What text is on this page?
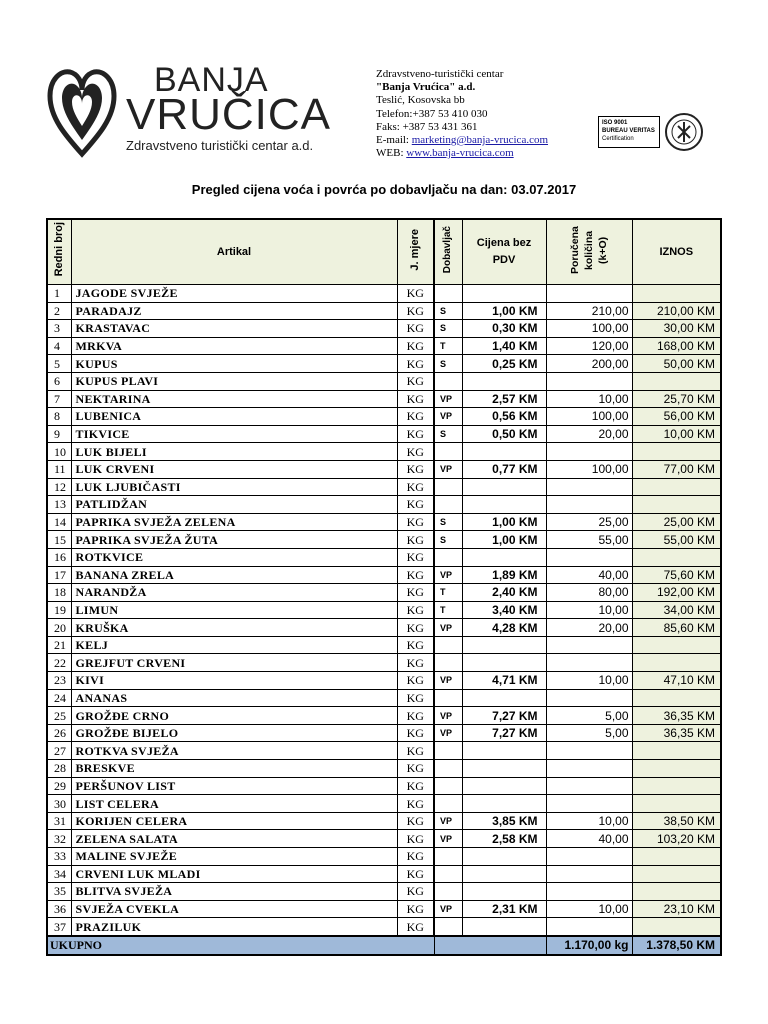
BANJA
VRUČICA
Zdravstveno turistički centar a.d.
Zdravstveno-turistički centar
"Banja Vrućica" a.d.
Teslić, Kosovska bb
Telefon:+387 53 410 030
Faks: +387 53 431 361
E-mail: marketing@banja-vrucica.com
WEB: www.banja-vrucica.com
ISO 9001
BUREAU VERITAS
Certification
Pregled cijena voća i povrća po dobavljaču na dan: 03.07.2017
Redni broj	Artikal	J. mjere	Dobavljač	Cijena bez PDV	Poručena količina (k+O)	IZNOS
1	JAGODE SVJEŽE	KG				
2	PARADAJZ	KG	S	1,00 KM	210,00	210,00 KM
3	KRASTAVAC	KG	S	0,30 KM	100,00	30,00 KM
4	MRKVA	KG	T	1,40 KM	120,00	168,00 KM
5	KUPUS	KG	S	0,25 KM	200,00	50,00 KM
6	KUPUS PLAVI	KG				
7	NEKTARINA	KG	VP	2,57 KM	10,00	25,70 KM
8	LUBENICA	KG	VP	0,56 KM	100,00	56,00 KM
9	TIKVICE	KG	S	0,50 KM	20,00	10,00 KM
10	LUK BIJELI	KG				
11	LUK CRVENI	KG	VP	0,77 KM	100,00	77,00 KM
12	LUK LJUBIČASTI	KG				
13	PATLIDŽAN	KG				
14	PAPRIKA SVJEŽA ZELENA	KG	S	1,00 KM	25,00	25,00 KM
15	PAPRIKA SVJEŽA ŽUTA	KG	S	1,00 KM	55,00	55,00 KM
16	ROTKVICE	KG				
17	BANANA ZRELA	KG	VP	1,89 KM	40,00	75,60 KM
18	NARANDŽA	KG	T	2,40 KM	80,00	192,00 KM
19	LIMUN	KG	T	3,40 KM	10,00	34,00 KM
20	KRUŠKA	KG	VP	4,28 KM	20,00	85,60 KM
21	KELJ	KG				
22	GREJFUT CRVENI	KG				
23	KIVI	KG	VP	4,71 KM	10,00	47,10 KM
24	ANANAS	KG				
25	GROŽĐE CRNO	KG	VP	7,27 KM	5,00	36,35 KM
26	GROŽĐE BIJELO	KG	VP	7,27 KM	5,00	36,35 KM
27	ROTKVA SVJEŽA	KG				
28	BRESKVE	KG				
29	PERŠUNOV LIST	KG				
30	LIST CELERA	KG				
31	KORIJEN CELERA	KG	VP	3,85 KM	10,00	38,50 KM
32	ZELENA SALATA	KG	VP	2,58 KM	40,00	103,20 KM
33	MALINE SVJEŽE	KG				
34	CRVENI LUK MLADI	KG				
35	BLITVA SVJEŽA	KG				
36	SVJEŽA CVEKLA	KG	VP	2,31 KM	10,00	23,10 KM
37	PRAZILUK	KG				
UKUPNO					1.170,00 kg	1.378,50 KM
